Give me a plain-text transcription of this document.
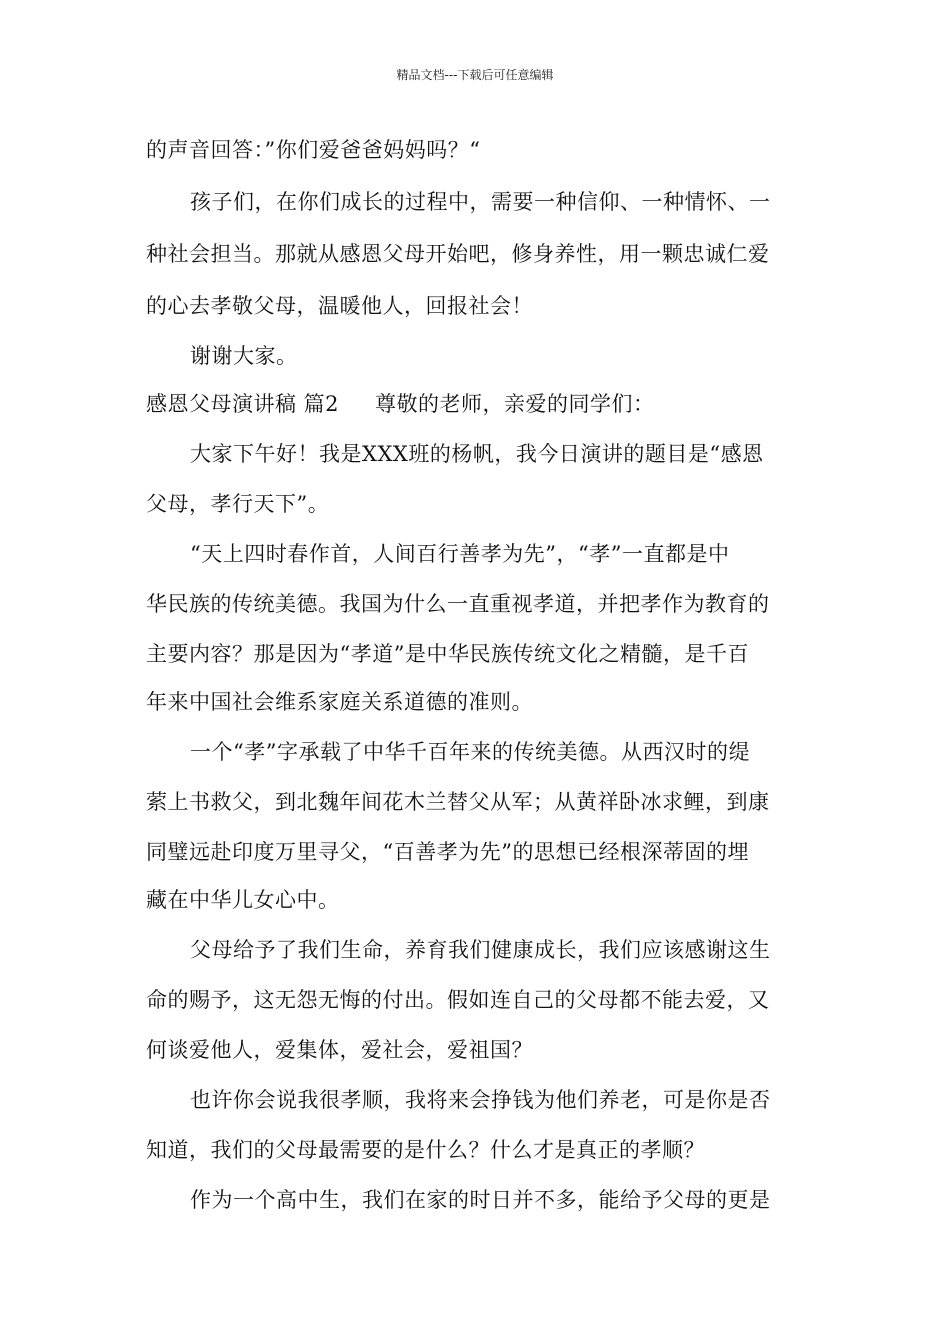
精品文档---下载后可任意编辑
的声音回答：”你们爱爸爸妈妈吗？“
孩子们，在你们成长的过程中，需要一种信仰、一种情怀、一
种社会担当。那就从感恩父母开始吧，修身养性，用一颗忠诚仁爱
的心去孝敬父母，温暖他人，回报社会！
谢谢大家。
感恩父母演讲稿 篇2 尊敬的老师，亲爱的同学们：
大家下午好！我是XXX班的杨帆，我今日演讲的题目是“感恩
父母，孝行天下”。
“天上四时春作首，人间百行善孝为先”，“孝”一直都是中
华民族的传统美德。我国为什么一直重视孝道，并把孝作为教育的
主要内容？那是因为“孝道”是中华民族传统文化之精髓，是千百
年来中国社会维系家庭关系道德的准则。
一个“孝”字承载了中华千百年来的传统美德。从西汉时的缇
萦上书救父，到北魏年间花木兰替父从军；从黄祥卧冰求鲤，到康
同璧远赴印度万里寻父，“百善孝为先”的思想已经根深蒂固的埋
藏在中华儿女心中。
父母给予了我们生命，养育我们健康成长，我们应该感谢这生
命的赐予，这无怨无悔的付出。假如连自己的父母都不能去爱，又
何谈爱他人，爱集体，爱社会，爱祖国？
也许你会说我很孝顺，我将来会挣钱为他们养老，可是你是否
知道，我们的父母最需要的是什么？什么才是真正的孝顺？
作为一个高中生，我们在家的时日并不多，能给予父母的更是
